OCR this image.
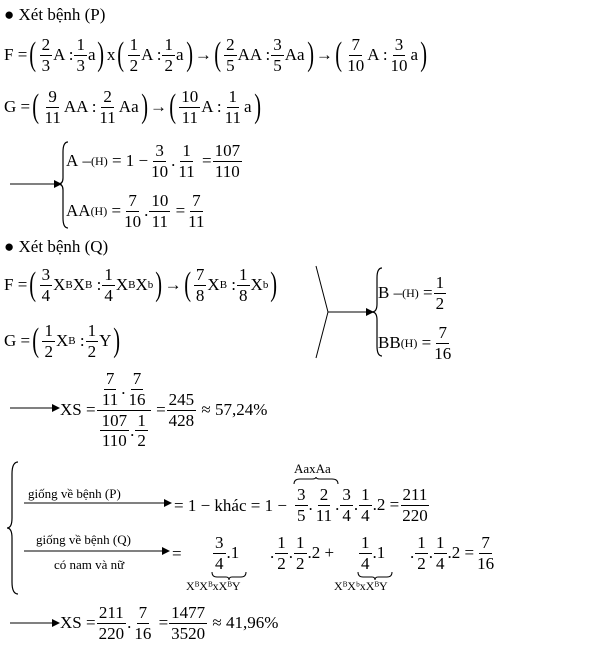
● Xét bệnh (P)
F = ( $\frac{2}{3}$ A : $\frac{1}{3}$ a ) x ( $\frac{1}{2}$ A : $\frac{1}{2}$ a ) → ( $\frac{2}{5}$ AA : $\frac{3}{5}$ Aa ) → ( $\frac{7}{10}$ A : $\frac{3}{10}$ a )
G = ( $\frac{9}{11}$ AA : $\frac{2}{11}$ Aa ) → ( $\frac{10}{11}$ A : $\frac{1}{11}$ a )
A – (H)
= $1 - \frac{3}{10}$ . $\frac{1}{11} = \frac{107}{110}$
AA $(H) = \frac{7}{10}$ . $\frac{10}{11} = \frac{7}{11}$
● Xét bệnh (Q)
F = ( $\frac{3}{4}$ X B X B : $\frac{1}{4}$ X B X b ) → ( $\frac{7}{8}$ X B : $\frac{1}{8}$ X b )
G = ( $\frac{1}{2}$ X B : $\frac{1}{2}$ Y )
$B - (H) = \frac{1}{2}$
BB $(H) = \frac{7}{16}$
XS = $\frac{\frac{7}{11} . \frac{7}{16}}{\frac{107}{110} . \frac{1}{2}} = \frac{245}{428}$
≈ 57,24%
giống về bệnh (P)
= 1 − khác = 1 −
AaxAa
$\frac{3}{5}$ . $\frac{2}{11}$ . $\frac{3}{4}$ . $\frac{1}{4} .2 = \frac{211}{220}$
giống về bệnh (Q)
có nam và nữ
= $\frac{3}{4} .1$
XᴮXᴮxXᴮY
. $\frac{1}{2}$ . $\frac{1}{2} .2 + \frac{1}{4} .1$
XᴮXᵇxXᴮY
. $\frac{1}{2}$ . $\frac{1}{4} .2 = \frac{7}{16}$
XS = $\frac{211}{220}$ . $\frac{7}{16} = \frac{1477}{3520}$
≈ 41,96%
